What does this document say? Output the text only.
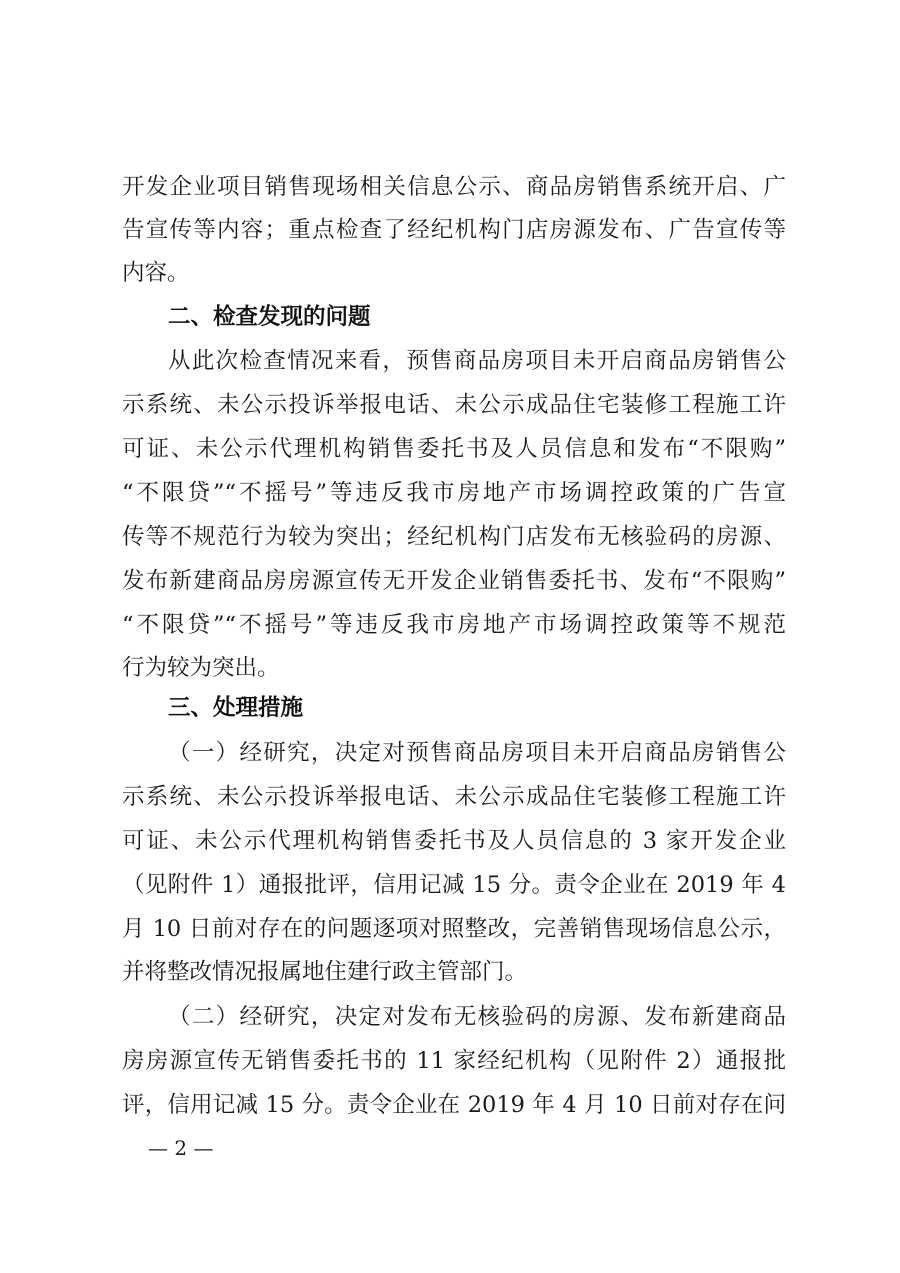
开发企业项目销售现场相关信息公示、商品房销售系统开启、广
告宣传等内容；重点检查了经纪机构门店房源发布、广告宣传等
内容。
二、检查发现的问题
从此次检查情况来看，预售商品房项目未开启商品房销售公
示系统、未公示投诉举报电话、未公示成品住宅装修工程施工许
可证、未公示代理机构销售委托书及人员信息和发布“不限购”
“不限贷”“不摇号”等违反我市房地产市场调控政策的广告宣
传等不规范行为较为突出；经纪机构门店发布无核验码的房源、
发布新建商品房房源宣传无开发企业销售委托书、发布“不限购”
“不限贷”“不摇号”等违反我市房地产市场调控政策等不规范
行为较为突出。
三、处理措施
（一）经研究，决定对预售商品房项目未开启商品房销售公
示系统、未公示投诉举报电话、未公示成品住宅装修工程施工许
可证、未公示代理机构销售委托书及人员信息的 3 家开发企业
（见附件 1）通报批评，信用记减 15 分。责令企业在 2019 年 4
月 10 日前对存在的问题逐项对照整改，完善销售现场信息公示，
并将整改情况报属地住建行政主管部门。
（二）经研究，决定对发布无核验码的房源、发布新建商品
房房源宣传无销售委托书的 11 家经纪机构（见附件 2）通报批
评，信用记减 15 分。责令企业在 2019 年 4 月 10 日前对存在问
— 2 —
